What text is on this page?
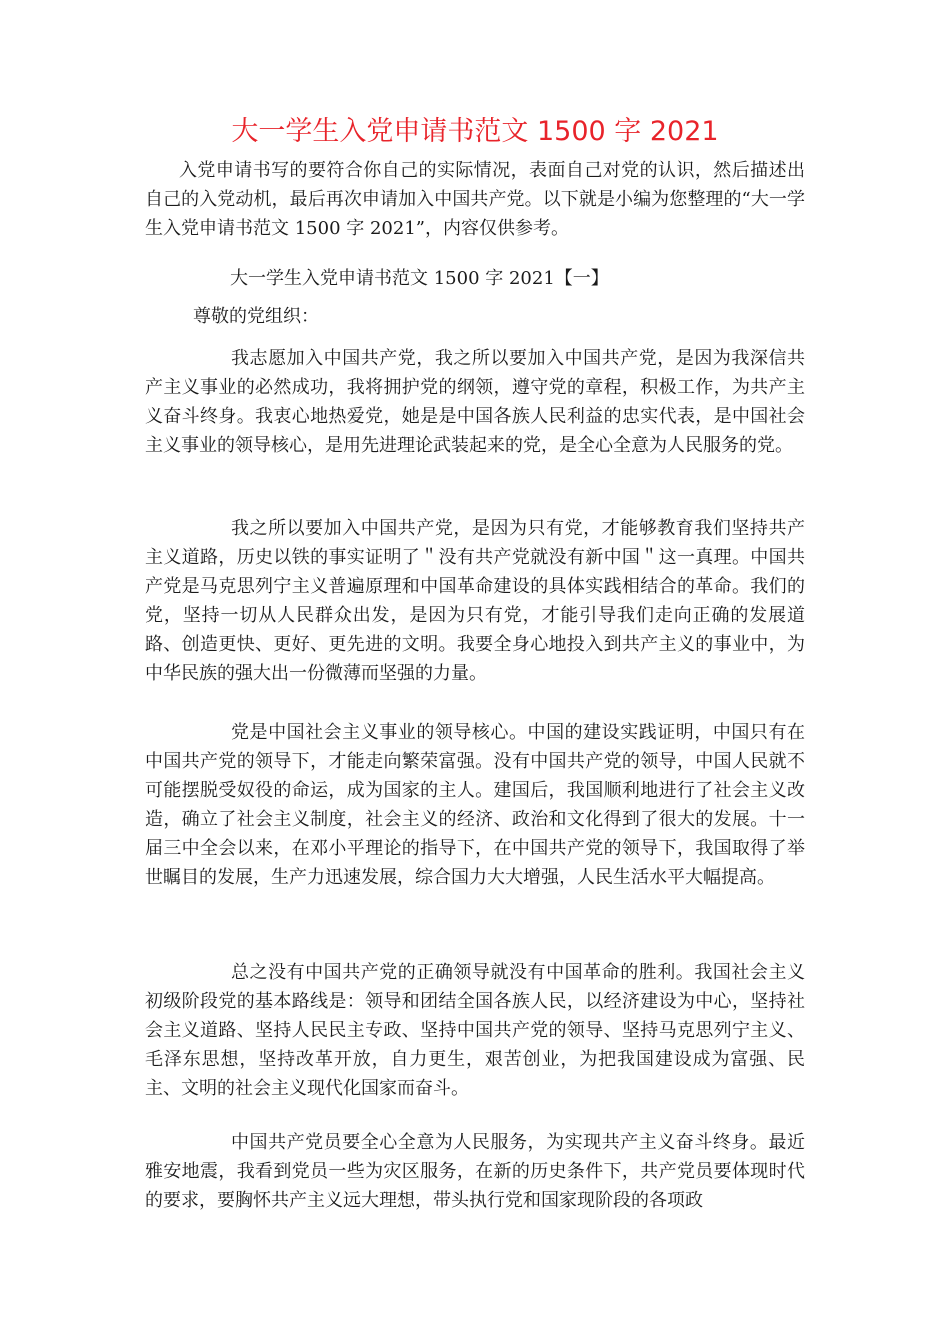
大一学生入党申请书范文 1500 字 2021
入党申请书写的要符合你自己的实际情况，表面自己对党的认识，然后描述出自己的入党动机，最后再次申请加入中国共产党。以下就是小编为您整理的“大一学生入党申请书范文 1500 字 2021”，内容仅供参考。
大一学生入党申请书范文 1500 字 2021【一】
尊敬的党组织：
我志愿加入中国共产党，我之所以要加入中国共产党，是因为我深信共产主义事业的必然成功，我将拥护党的纲领，遵守党的章程，积极工作，为共产主义奋斗终身。我衷心地热爱党，她是是中国各族人民利益的忠实代表，是中国社会主义事业的领导核心，是用先进理论武装起来的党，是全心全意为人民服务的党。
我之所以要加入中国共产党，是因为只有党，才能够教育我们坚持共产主义道路，历史以铁的事实证明了＂没有共产党就没有新中国＂这一真理。中国共产党是马克思列宁主义普遍原理和中国革命建设的具体实践相结合的革命。我们的党，坚持一切从人民群众出发，是因为只有党，才能引导我们走向正确的发展道路、创造更快、更好、更先进的文明。我要全身心地投入到共产主义的事业中，为中华民族的强大出一份微薄而坚强的力量。
党是中国社会主义事业的领导核心。中国的建设实践证明，中国只有在中国共产党的领导下，才能走向繁荣富强。没有中国共产党的领导，中国人民就不可能摆脱受奴役的命运，成为国家的主人。建国后，我国顺利地进行了社会主义改造，确立了社会主义制度，社会主义的经济、政治和文化得到了很大的发展。十一届三中全会以来，在邓小平理论的指导下，在中国共产党的领导下，我国取得了举世瞩目的发展，生产力迅速发展，综合国力大大增强，人民生活水平大幅提高。
总之没有中国共产党的正确领导就没有中国革命的胜利。我国社会主义初级阶段党的基本路线是：领导和团结全国各族人民，以经济建设为中心，坚持社会主义道路、坚持人民民主专政、坚持中国共产党的领导、坚持马克思列宁主义、毛泽东思想，坚持改革开放，自力更生，艰苦创业，为把我国建设成为富强、民主、文明的社会主义现代化国家而奋斗。
中国共产党员要全心全意为人民服务，为实现共产主义奋斗终身。最近雅安地震，我看到党员一些为灾区服务，在新的历史条件下，共产党员要体现时代的要求，要胸怀共产主义远大理想，带头执行党和国家现阶段的各项政
